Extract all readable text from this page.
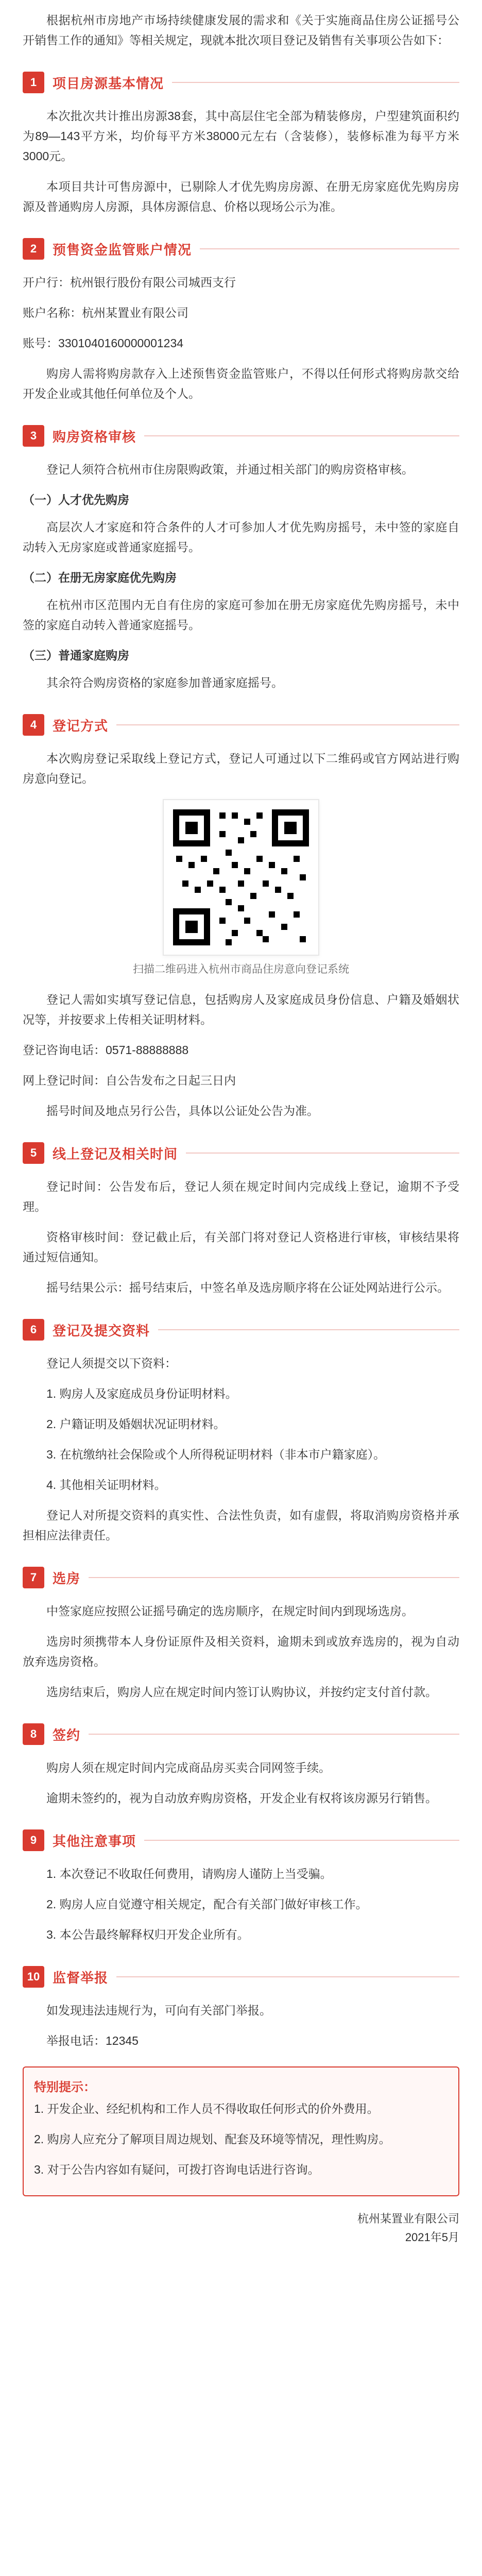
根据杭州市房地产市场持续健康发展的需求和《关于实施商品住房公证摇号公开销售工作的通知》等相关规定，现就本批次项目登记及销售有关事项公告如下：

1	项目房源基本情况

本次批次共计推出房源38套，其中高层住宅全部为精装修房，户型建筑面积约为89—143平方米，均价每平方米38000元左右（含装修），装修标准为每平方米3000元。

本项目共计可售房源中，已剔除人才优先购房房源、在册无房家庭优先购房房源及普通购房人房源，具体房源信息、价格以现场公示为准。

2	预售资金监管账户情况

开户行：杭州银行股份有限公司城西支行

账户名称：杭州某置业有限公司

账号：3301040160000001234

购房人需将购房款存入上述预售资金监管账户，不得以任何形式将购房款交给开发企业或其他任何单位及个人。

3	购房资格审核

登记人须符合杭州市住房限购政策，并通过相关部门的购房资格审核。

（一）人才优先购房

高层次人才家庭和符合条件的人才可参加人才优先购房摇号，未中签的家庭自动转入无房家庭或普通家庭摇号。

（二）在册无房家庭优先购房

在杭州市区范围内无自有住房的家庭可参加在册无房家庭优先购房摇号，未中签的家庭自动转入普通家庭摇号。

（三）普通家庭购房

其余符合购房资格的家庭参加普通家庭摇号。

4	登记方式

本次购房登记采取线上登记方式，登记人可通过以下二维码或官方网站进行购房意向登记。

扫描二维码进入杭州市商品住房意向登记系统

登记人需如实填写登记信息，包括购房人及家庭成员身份信息、户籍及婚姻状况等，并按要求上传相关证明材料。

登记咨询电话：0571-88888888

网上登记时间：自公告发布之日起三日内

摇号时间及地点另行公告，具体以公证处公告为准。

5	线上登记及相关时间

登记时间：公告发布后，登记人须在规定时间内完成线上登记，逾期不予受理。

资格审核时间：登记截止后，有关部门将对登记人资格进行审核，审核结果将通过短信通知。

摇号结果公示：摇号结束后，中签名单及选房顺序将在公证处网站进行公示。

6	登记及提交资料

登记人须提交以下资料：

1. 购房人及家庭成员身份证明材料。

2. 户籍证明及婚姻状况证明材料。

3. 在杭缴纳社会保险或个人所得税证明材料（非本市户籍家庭）。

4. 其他相关证明材料。

登记人对所提交资料的真实性、合法性负责，如有虚假，将取消购房资格并承担相应法律责任。

7	选房

中签家庭应按照公证摇号确定的选房顺序，在规定时间内到现场选房。

选房时须携带本人身份证原件及相关资料，逾期未到或放弃选房的，视为自动放弃选房资格。

选房结束后，购房人应在规定时间内签订认购协议，并按约定支付首付款。

8	签约

购房人须在规定时间内完成商品房买卖合同网签手续。

逾期未签约的，视为自动放弃购房资格，开发企业有权将该房源另行销售。

9	其他注意事项

1. 本次登记不收取任何费用，请购房人谨防上当受骗。

2. 购房人应自觉遵守相关规定，配合有关部门做好审核工作。

3. 本公告最终解释权归开发企业所有。

10 监督举报

如发现违法违规行为，可向有关部门举报。

举报电话：12345

特别提示：

1. 开发企业、经纪机构和工作人员不得收取任何形式的价外费用。

2. 购房人应充分了解项目周边规划、配套及环境等情况，理性购房。

3. 对于公告内容如有疑问，可拨打咨询电话进行咨询。

杭州某置业有限公司
2021年5月
